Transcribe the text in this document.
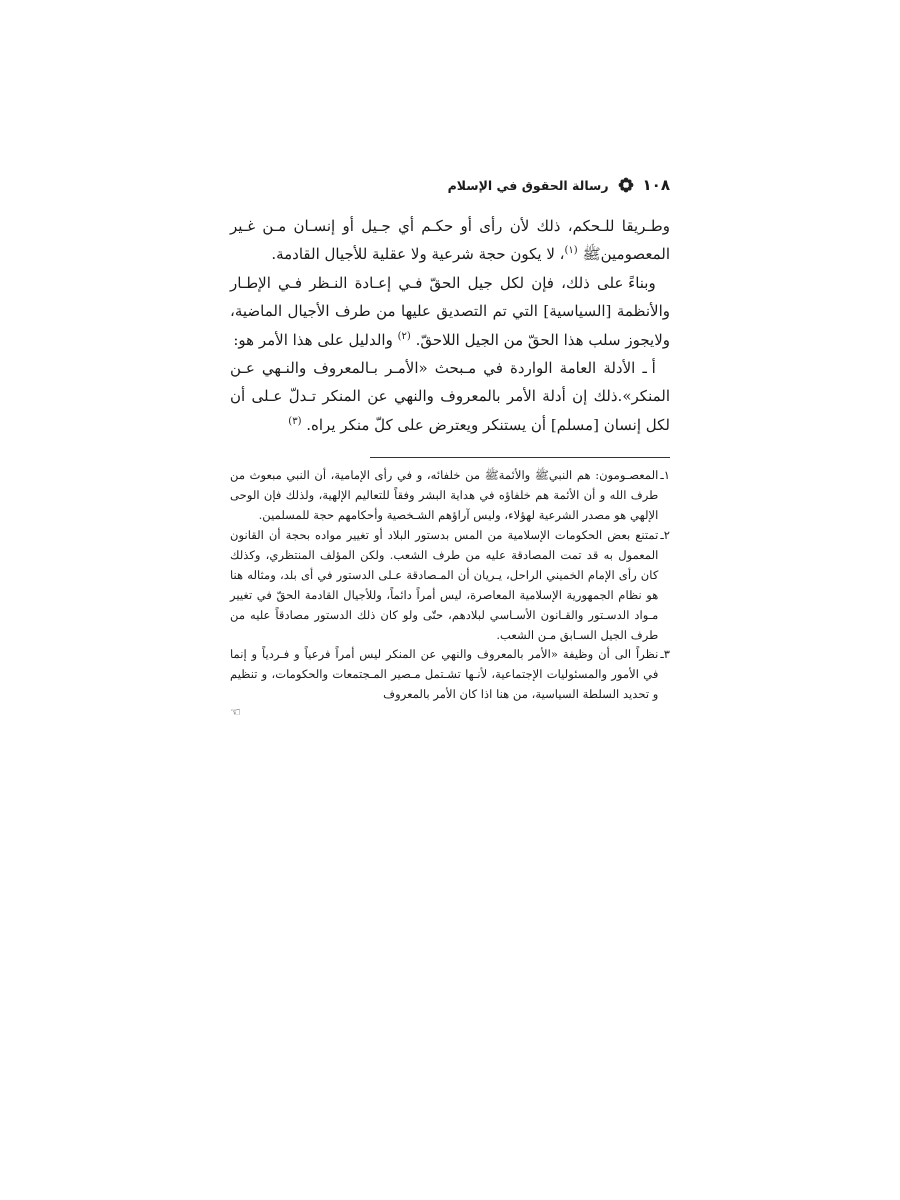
١٠٨
رسالة الحقوق في الإسلام

وطـريقا للـحكم، ذلك لأن رأى أو حكـم أي جـيل أو إنسـان مـن غـير المعصومينﷺ $^{(١)}$، لا يكون حجة شرعية ولا عقلية للأجيال القادمة.

وبناءً على ذلك، فإن لكل جيل الحقّ فـي إعـادة النـظر فـي الإطـار والأنظمة [السياسية] التي تم التصديق عليها من طرف الأجيال الماضية، ولايجوز سلب هذا الحقّ من الجيل اللاحقّ. $^{(٢)}$ والدليل على هذا الأمر هو:

أ ـ الأدلة العامة الواردة في مـبحث «الأمـر بـالمعروف والنـهي عـن المنكر».ذلك إن أدلة الأمر بالمعروف والنهي عن المنكر تـدلّ عـلى أن لكل إنسان [مسلم] أن يستنكر ويعترض على كلّ منكر يراه. $^{(٣)}$

١ـ
المعصـومون: هم النبيﷺ والأئمةﷺ من خلفائه، و في رأى الإمامية، أن النبي مبعوث من طرف الله و أن الأئمة هم خلفاؤه في هداية البشر وفقاً للتعاليم الإلهية، ولذلك فإن الوحى الإلهي هو مصدر الشرعية لهؤلاء، وليس آراؤهم الشـخصية وأحكامهم حجة للمسلمين.
٢ـ
تمتنع بعض الحكومات الإسلامية من المس بدستور البلاد أو تغيير مواده بحجة أن القانون المعمول به قد تمت المصادقة عليه من طرف الشعب. ولكن المؤلف المنتظري، وكذلك كان رأى الإمام الخميني الراحل، يـريان أن المـصادقة عـلى الدستور في أى بلد، ومثاله هنا هو نظام الجمهورية الإسلامية المعاصرة، ليس أمراً دائماً، وللأجيال القادمة الحقّ في تغيير مـواد الدسـتور والقـانون الأسـاسي لبلادهم، حتّى ولو كان ذلك الدستور مصادقاً عليه من طرف الجيل السـابق مـن الشعب.
٣ـ
نظراً الى أن وظيفة «الأمر بالمعروف والنهي عن المنكر ليس أمراً فرعياً و فـردياً و إنما في الأمور والمسئوليات الإجتماعية، لأنـها تشـتمل مـصير المـجتمعات والحكومات، و تنظيم و تحديد السلطة السياسية، من هنا اذا كان الأمر بالمعروف
☜
